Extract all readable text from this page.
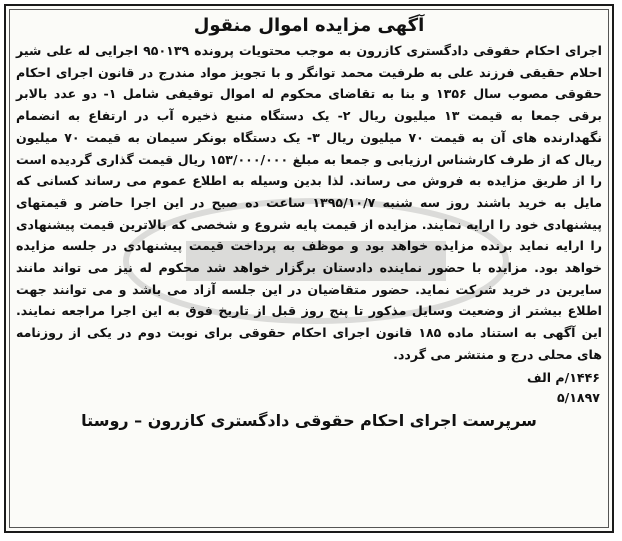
آگهی مزایده اموال منقول

اجرای احکام حقوقی دادگستری کازرون به موجب محتویات پرونده ۹۵۰۱۳۹ اجرایی له علی شیر احلام حقیقی فرزند علی به طرفیت محمد توانگر و با تجویز مواد مندرج در قانون اجرای احکام حقوقی مصوب سال ۱۳۵۶ و بنا به تقاضای محکوم له اموال توقیفی شامل ۱- دو عدد بالابر برقی جمعا به قیمت ۱۳ میلیون ریال ۲- یک دستگاه منبع ذخیره آب در ارتفاع به انضمام نگهدارنده های آن به قیمت ۷۰ میلیون ریال ۳- یک دستگاه بونکر سیمان به قیمت ۷۰ میلیون ریال که از طرف کارشناس ارزیابی و جمعا به مبلغ ۱۵۳/۰۰۰/۰۰۰ ریال قیمت گذاری گردیده است را از طریق مزایده به فروش می رساند. لذا بدین وسیله به اطلاع عموم می رساند کسانی که مایل به خرید باشند روز سه شنبه ۱۳۹۵/۱۰/۷ ساعت ده صبح در این اجرا حاضر و قیمتهای پیشنهادی خود را ارایه نمایند. مزایده از قیمت پایه شروع و شخصی که بالاترین قیمت پیشنهادی را ارایه نماید برنده مزایده خواهد بود و موظف به پرداخت قیمت پیشنهادی در جلسه مزایده خواهد بود. مزایده با حضور نماینده دادستان برگزار خواهد شد محکوم له نیز می تواند مانند سایرین در خرید شرکت نماید. حضور متقاضیان در این جلسه آزاد می باشد و می توانند جهت اطلاع بیشتر از وضعیت وسایل مذکور تا پنج روز قبل از تاریخ فوق به این اجرا مراجعه نمایند. این آگهی به استناد ماده ۱۸۵ قانون اجرای احکام حقوقی برای نوبت دوم در یکی از روزنامه های محلی درج و منتشر می گردد.

۱۴۴۶/م الف
۵/۱۸۹۷
سرپرست اجرای احکام حقوقی دادگستری کازرون – روستا
